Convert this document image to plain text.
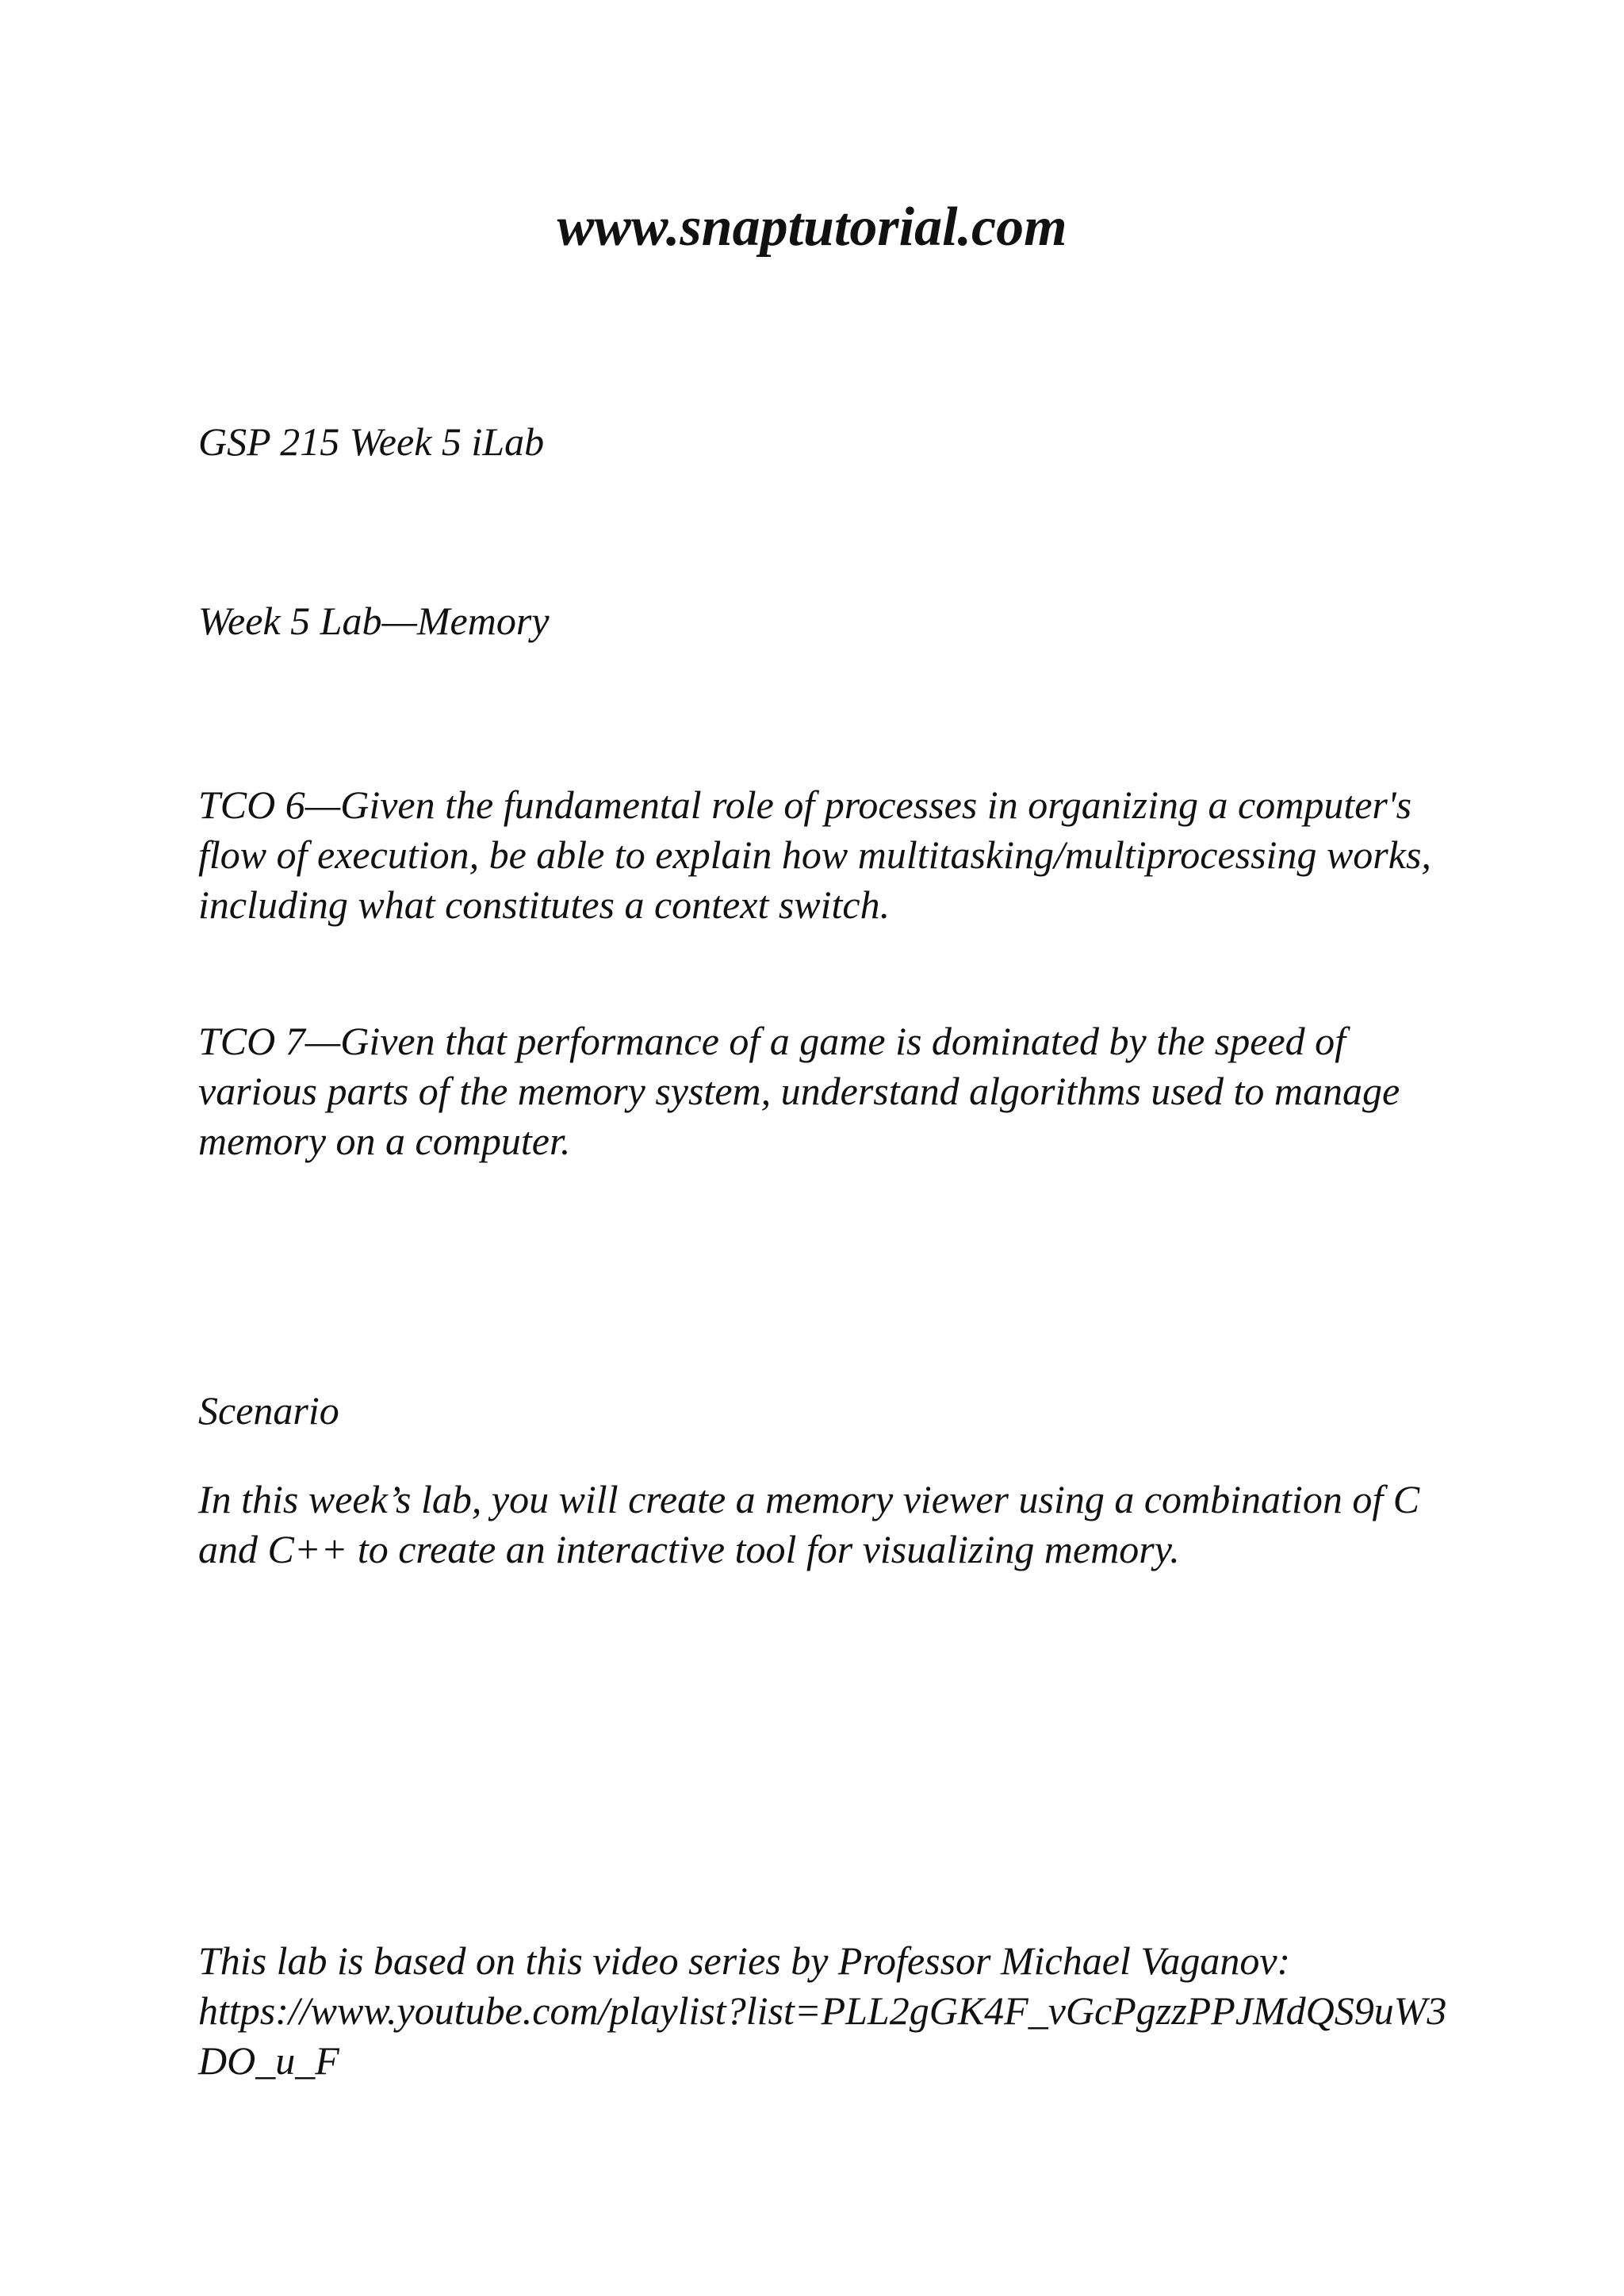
www.snaptutorial.com

GSP 215 Week 5 iLab

Week 5 Lab—Memory

TCO 6—Given the fundamental role of processes in organizing a computer's flow of execution, be able to explain how multitasking/multiprocessing works, including what constitutes a context switch.

TCO 7—Given that performance of a game is dominated by the speed of various parts of the memory system, understand algorithms used to manage memory on a computer.

Scenario

In this week’s lab, you will create a memory viewer using a combination of C and C++ to create an interactive tool for visualizing memory.

This lab is based on this video series by Professor Michael Vaganov:
https://www.youtube.com/playlist?list=PLL2gGK4F_vGcPgzzPPJMdQS9uW3DO_u_F
